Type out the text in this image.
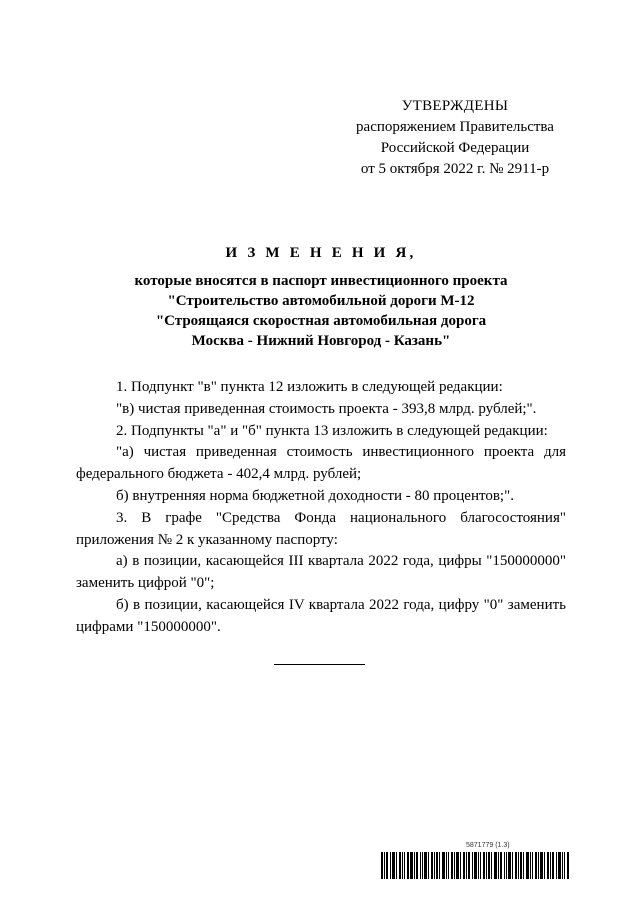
УТВЕРЖДЕНЫ
распоряжением Правительства
Российской Федерации
от 5 октября 2022 г. № 2911-р
И З М Е Н Е Н И Я,
которые вносятся в паспорт инвестиционного проекта
"Строительство автомобильной дороги М-12
"Строящаяся скоростная автомобильная дорога
Москва - Нижний Новгород - Казань"

1. Подпункт "в" пункта 12 изложить в следующей редакции:

"в) чистая приведенная стоимость проекта - 393,8 млрд. рублей;".

2. Подпункты "а" и "б" пункта 13 изложить в следующей редакции:

"а) чистая приведенная стоимость инвестиционного проекта для федерального бюджета - 402,4 млрд. рублей;

б) внутренняя норма бюджетной доходности - 80 процентов;".

3. В графе "Средства Фонда национального благосостояния" приложения № 2 к указанному паспорту:

а) в позиции, касающейся III квартала 2022 года, цифры "150000000" заменить цифрой "0";

б) в позиции, касающейся IV квартала 2022 года, цифру "0" заменить цифрами "150000000".

5871779 (1.3)
